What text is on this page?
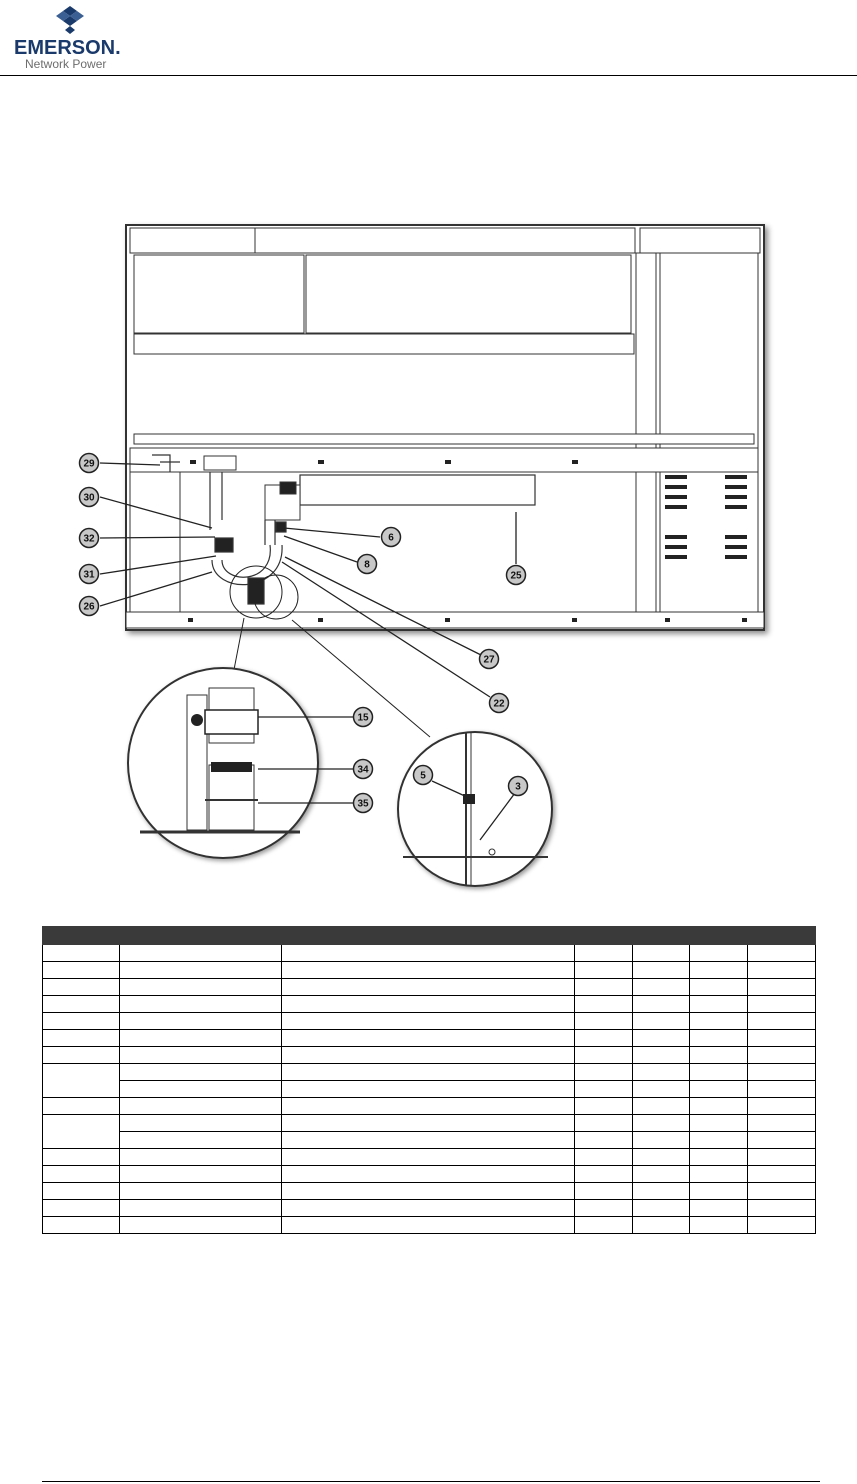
EMERSON.
Network Power
29
30
32
31
26
6
8
25
27
22
15
34
35
5
3
